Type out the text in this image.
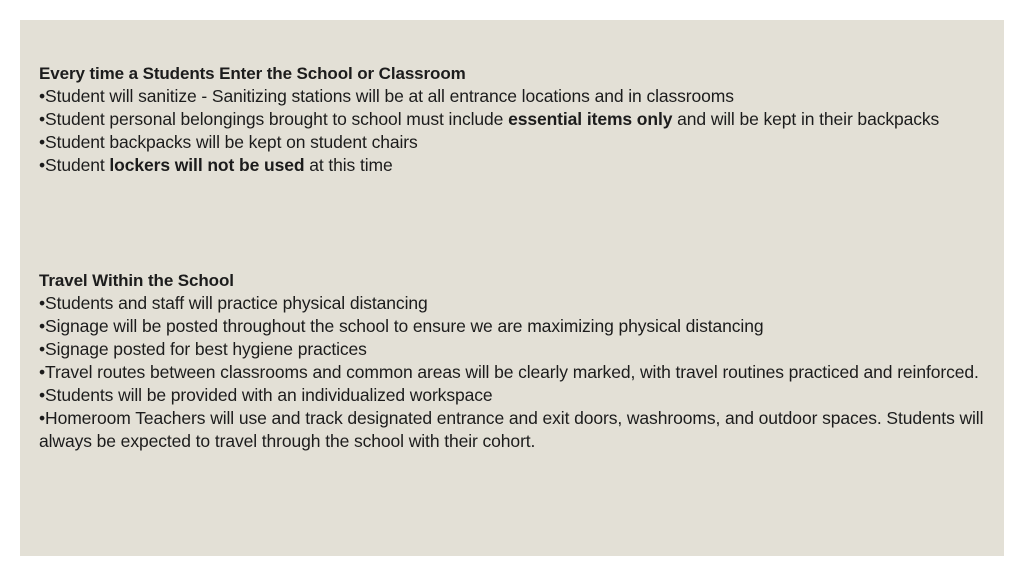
Every time a Students Enter the School or Classroom

•Student will sanitize - Sanitizing stations will be at all entrance locations and in classrooms

•Student personal belongings brought to school must include essential items only and will be kept in their backpacks

•Student backpacks will be kept on student chairs

•Student lockers will not be used at this time

Travel Within the School

•Students and staff will practice physical distancing

•Signage will be posted throughout the school to ensure we are maximizing physical distancing

•Signage posted for best hygiene practices

•Travel routes between classrooms and common areas will be clearly marked, with travel routines practiced and reinforced.

•Students will be provided with an individualized workspace

•Homeroom Teachers will use and track designated entrance and exit doors, washrooms, and outdoor spaces. Students will always be expected to travel through the school with their cohort.
